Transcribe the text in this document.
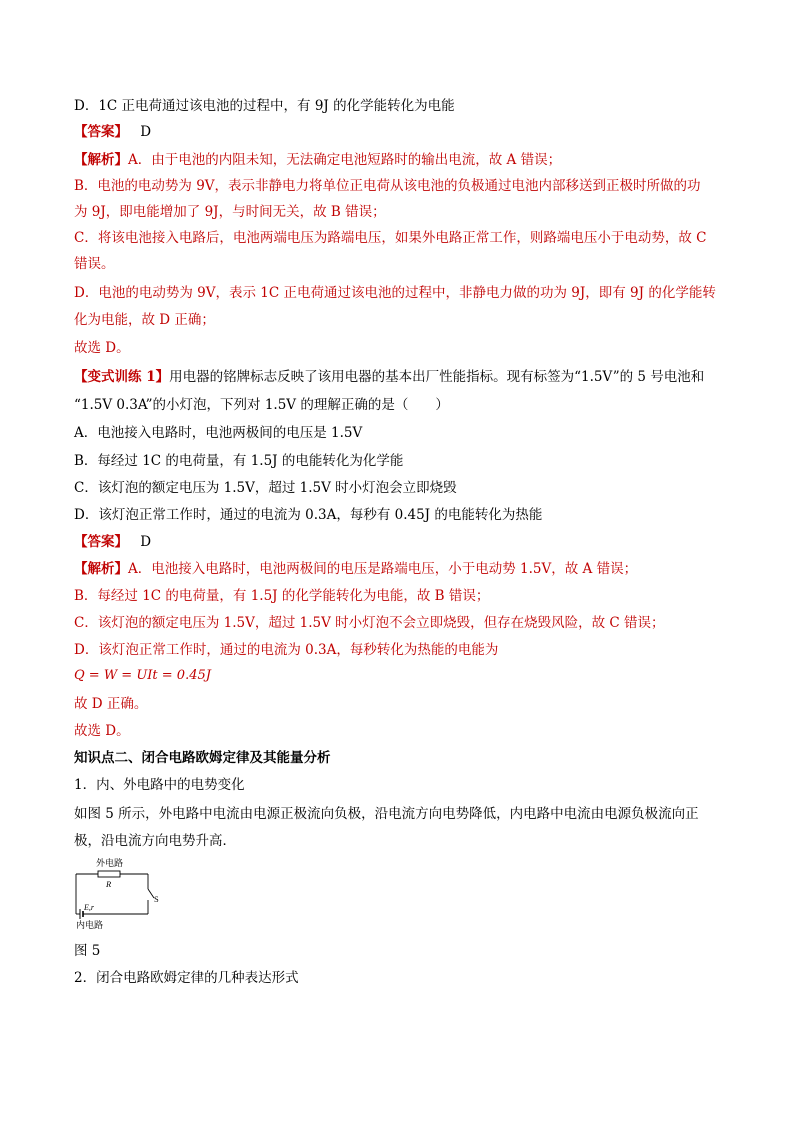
D．1C 正电荷通过该电池的过程中，有 9J 的化学能转化为电能
【答案】 D
【解析】A．由于电池的内阻未知，无法确定电池短路时的输出电流，故 A 错误；
B．电池的电动势为 9V，表示非静电力将单位正电荷从该电池的负极通过电池内部移送到正极时所做的功
为 9J，即电能增加了 9J，与时间无关，故 B 错误；
C．将该电池接入电路后，电池两端电压为路端电压，如果外电路正常工作，则路端电压小于电动势，故 C
错误。
D．电池的电动势为 9V，表示 1C 正电荷通过该电池的过程中，非静电力做的功为 9J，即有 9J 的化学能转
化为电能，故 D 正确；
故选 D。
【变式训练 1】用电器的铭牌标志反映了该用电器的基本出厂性能指标。现有标签为“1.5V”的 5 号电池和
“1.5V 0.3A”的小灯泡，下列对 1.5V 的理解正确的是（　　）
A．电池接入电路时，电池两极间的电压是 1.5V
B．每经过 1C 的电荷量，有 1.5J 的电能转化为化学能
C．该灯泡的额定电压为 1.5V，超过 1.5V 时小灯泡会立即烧毁
D．该灯泡正常工作时，通过的电流为 0.3A，每秒有 0.45J 的电能转化为热能
【答案】 D
【解析】A．电池接入电路时，电池两极间的电压是路端电压，小于电动势 1.5V，故 A 错误；
B．每经过 1C 的电荷量，有 1.5J 的化学能转化为电能，故 B 错误；
C．该灯泡的额定电压为 1.5V，超过 1.5V 时小灯泡不会立即烧毁，但存在烧毁风险，故 C 错误；
D．该灯泡正常工作时，通过的电流为 0.3A，每秒转化为热能的电能为
Q = W = UIt = 0.45J
故 D 正确。
故选 D。
知识点二、闭合电路欧姆定律及其能量分析
1．内、外电路中的电势变化
如图 5 所示，外电路中电流由电源正极流向负极，沿电流方向电势降低，内电路中电流由电源负极流向正
极，沿电流方向电势升高．
外电路
R
S
E,r
内电路
图 5
2．闭合电路欧姆定律的几种表达形式
